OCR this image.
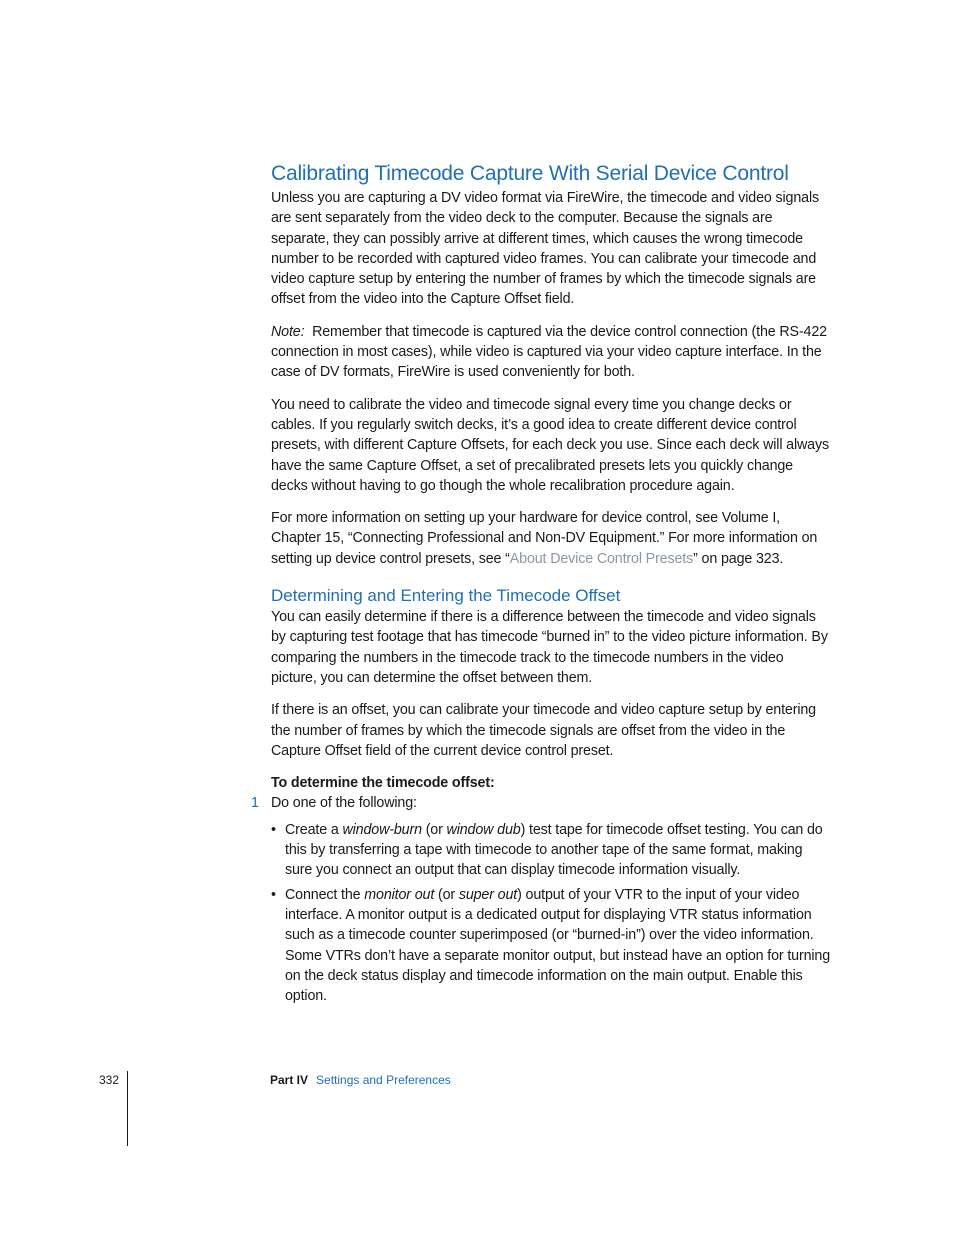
Calibrating Timecode Capture With Serial Device Control

Unless you are capturing a DV video format via FireWire, the timecode and video signals are sent separately from the video deck to the computer. Because the signals are separate, they can possibly arrive at different times, which causes the wrong timecode number to be recorded with captured video frames. You can calibrate your timecode and video capture setup by entering the number of frames by which the timecode signals are offset from the video into the Capture Offset field.

Note: Remember that timecode is captured via the device control connection (the RS-422 connection in most cases), while video is captured via your video capture interface. In the case of DV formats, FireWire is used conveniently for both.

You need to calibrate the video and timecode signal every time you change decks or cables. If you regularly switch decks, it’s a good idea to create different device control presets, with different Capture Offsets, for each deck you use. Since each deck will always have the same Capture Offset, a set of precalibrated presets lets you quickly change decks without having to go though the whole recalibration procedure again.

For more information on setting up your hardware for device control, see Volume I, Chapter 15, “Connecting Professional and Non-DV Equipment.” For more information on setting up device control presets, see “About Device Control Presets” on page 323.

Determining and Entering the Timecode Offset

You can easily determine if there is a difference between the timecode and video signals by capturing test footage that has timecode “burned in” to the video picture information. By comparing the numbers in the timecode track to the timecode numbers in the video picture, you can determine the offset between them.

If there is an offset, you can calibrate your timecode and video capture setup by entering the number of frames by which the timecode signals are offset from the video in the Capture Offset field of the current device control preset.

To determine the timecode offset:

1 Do one of the following:

• Create a window-burn (or window dub) test tape for timecode offset testing. You can do this by transferring a tape with timecode to another tape of the same format, making sure you connect an output that can display timecode information visually.
• Connect the monitor out (or super out) output of your VTR to the input of your video interface. A monitor output is a dedicated output for displaying VTR status information such as a timecode counter superimposed (or “burned-in”) over the video information. Some VTRs don’t have a separate monitor output, but instead have an option for turning on the deck status display and timecode information on the main output. Enable this option.
332	Part IV Settings and Preferences
